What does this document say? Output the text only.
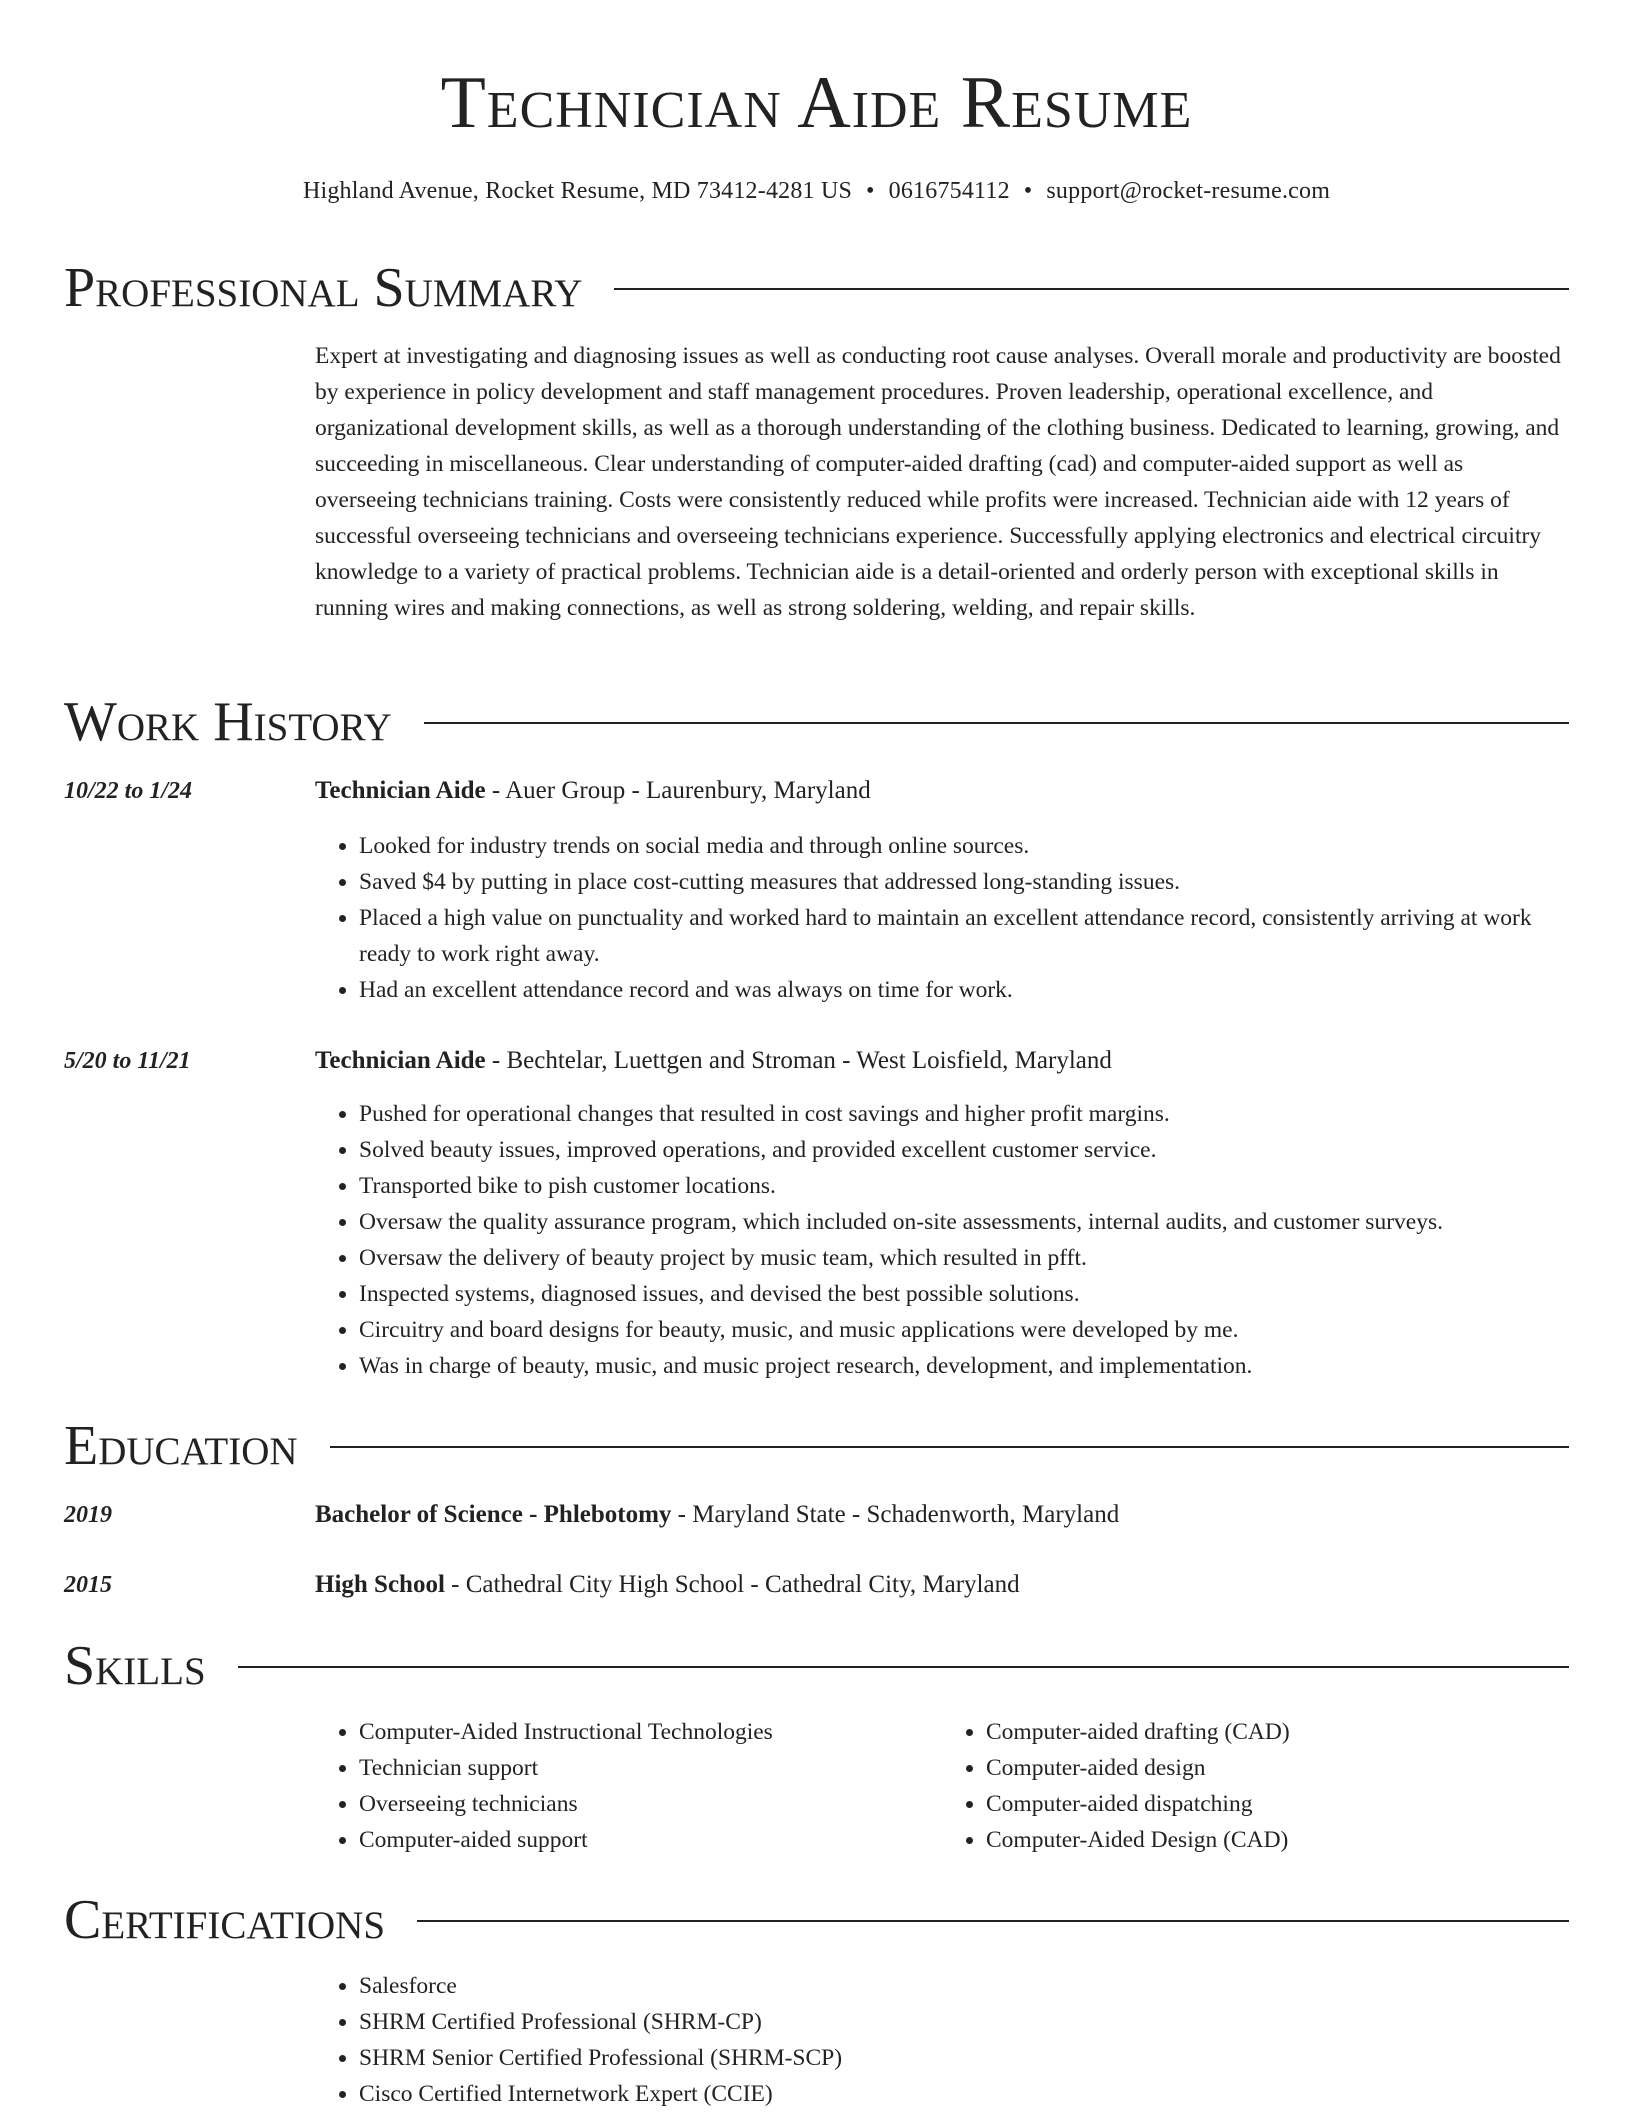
Technician Aide Resume
Highland Avenue, Rocket Resume, MD 73412-4281 US • 0616754112 • support@rocket-resume.com
Professional Summary

Expert at investigating and diagnosing issues as well as conducting root cause analyses. Overall morale and productivity are boosted by experience in policy development and staff management procedures. Proven leadership, operational excellence, and organizational development skills, as well as a thorough understanding of the clothing business. Dedicated to learning, growing, and succeeding in miscellaneous. Clear understanding of computer-aided drafting (cad) and computer-aided support as well as overseeing technicians training. Costs were consistently reduced while profits were increased. Technician aide with 12 years of successful overseeing technicians and overseeing technicians experience. Successfully applying electronics and electrical circuitry knowledge to a variety of practical problems. Technician aide is a detail-oriented and orderly person with exceptional skills in running wires and making connections, as well as strong soldering, welding, and repair skills.

Work History
10/22 to 1/24	Technician Aide - Auer Group - Laurenbury, Maryland
• Looked for industry trends on social media and through online sources.
• Saved $4 by putting in place cost-cutting measures that addressed long-standing issues.
• Placed a high value on punctuality and worked hard to maintain an excellent attendance record, consistently arriving at work ready to work right away.
• Had an excellent attendance record and was always on time for work.
5/20 to 11/21	Technician Aide - Bechtelar, Luettgen and Stroman - West Loisfield, Maryland
• Pushed for operational changes that resulted in cost savings and higher profit margins.
• Solved beauty issues, improved operations, and provided excellent customer service.
• Transported bike to pish customer locations.
• Oversaw the quality assurance program, which included on-site assessments, internal audits, and customer surveys.
• Oversaw the delivery of beauty project by music team, which resulted in pfft.
• Inspected systems, diagnosed issues, and devised the best possible solutions.
• Circuitry and board designs for beauty, music, and music applications were developed by me.
• Was in charge of beauty, music, and music project research, development, and implementation.
Education
2019	Bachelor of Science - Phlebotomy - Maryland State - Schadenworth, Maryland
2015	High School - Cathedral City High School - Cathedral City, Maryland
Skills
• Computer-Aided Instructional Technologies
• Technician support
• Overseeing technicians
• Computer-aided support
• Computer-aided drafting (CAD)
• Computer-aided design
• Computer-aided dispatching
• Computer-Aided Design (CAD)
Certifications
• Salesforce
• SHRM Certified Professional (SHRM-CP)
• SHRM Senior Certified Professional (SHRM-SCP)
• Cisco Certified Internetwork Expert (CCIE)
